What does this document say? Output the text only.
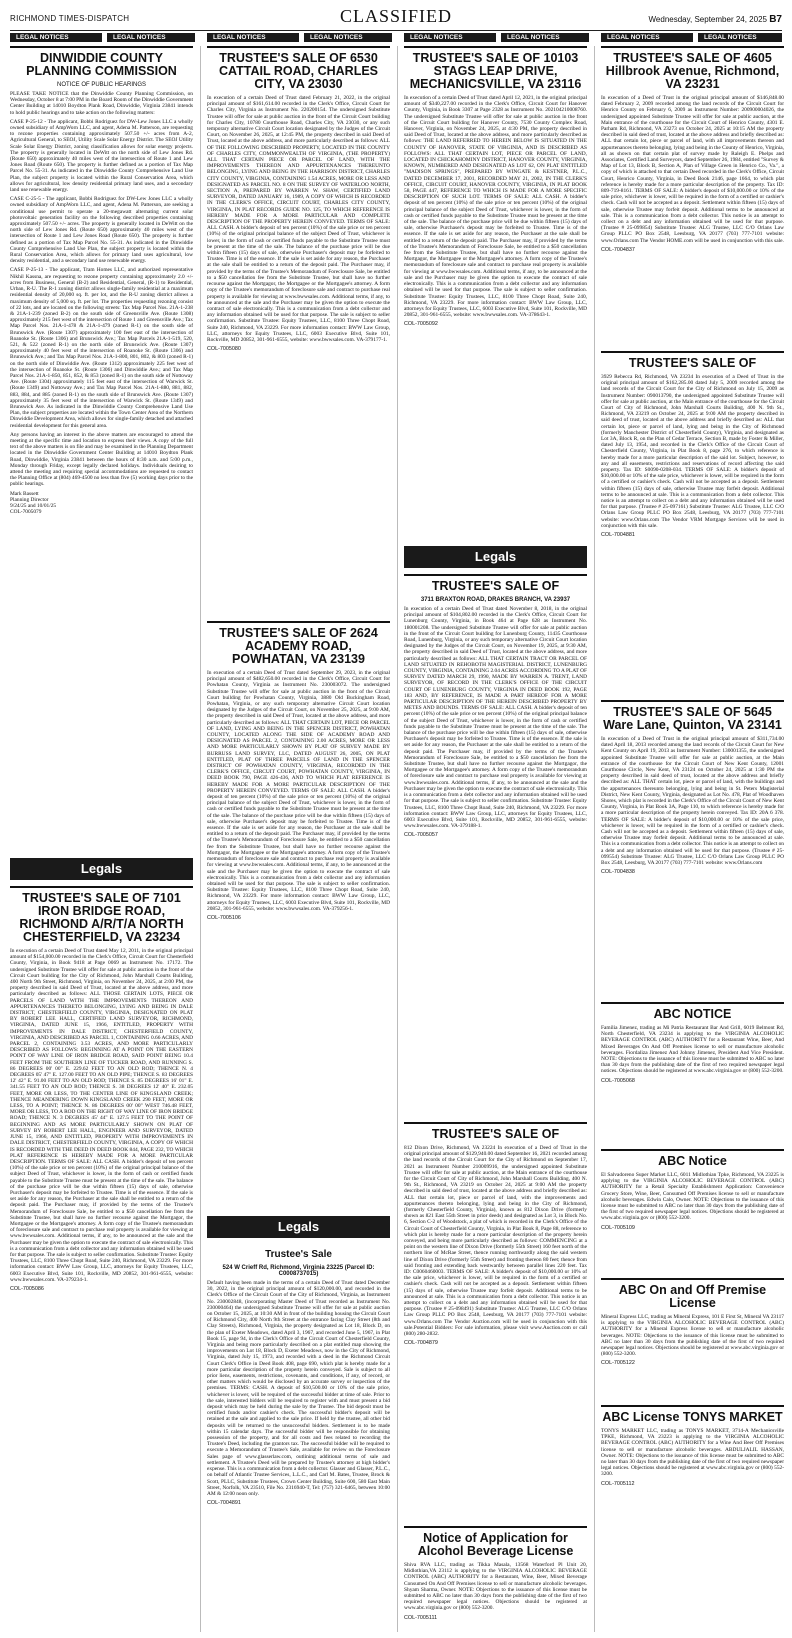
RICHMOND TIMES-DISPATCH	CLASSIFIED	Wednesday, September 24, 2025 B7
LEGAL NOTICES	LEGAL NOTICES	LEGAL NOTICES	LEGAL NOTICES	LEGAL NOTICES	LEGAL NOTICES	LEGAL NOTICES	LEGAL NOTICES
DINWIDDIE COUNTY PLANNING COMMISSION
NOTICE OF PUBLIC HEARINGS

PLEASE TAKE NOTICE that the Dinwiddie County Planning Commission, on Wednesday, October 8 at 7:00 PM in the Board Room of the Dinwiddie Government Center Building at 14010 Boydton Plank Road, Dinwiddie, Virginia 23841 intends to hold public hearings and to take action on the following matters:

CASE P-25-12 - The applicant, Bobbi Rodriguez for DW-Lew Jones LLC a wholly owned subsidiary of AmpWorn LLC, and agent, Adena M. Patterson, are requesting to rezone properties containing approximately 507.50 +/- acres from A-2, Agricultural General, to SEOJ, Utility Scale Solar Energy District. The SEOJ Utility Scale Solar Energy District, zoning classification allows for solar energy projects. The property is generally located in DeWitt on the north side of Lew Jones Rd. (Route 650) approximately 40 miles west of the intersection of Route 1 and Lew Jones Road (Route 650). The property is further defined as a portion of Tax Map Parcel No. 55-31. As indicated in the Dinwiddie County Comprehensive Land Use Plan, the subject property is located within the Rural Conservation Area, which allows for agricultural, low density residential primary land uses, and a secondary land use renewable energy.

CASE C-25-5 - The applicant, Bobbi Rodriguez for DW-Lew Jones LLC a wholly owned subsidiary of AmpWorn LLC, and agent, Adena M. Patterson, are seeking a conditional use permit to operate a 20-megawatt alternating current solar photovoltaic generation facility on the following described properties containing approximately 507.50 +/- acres. The property is generally located in DeWitt on the north side of Lew Jones Rd. (Route 650) approximately 40 miles west of the intersection of Route 1 and Lew Jones Road (Route 650). The property is further defined as a portion of Tax Map Parcel No. 55-31. As indicated in the Dinwiddie County Comprehensive Land Use Plan, the subject property is located within the Rural Conservation Area, which allows for primary land uses agricultural, low density residential, and a secondary land use renewable energy.

CASE P-25-13 - The applicant, Tram Homes LLC, and authorized representative Nikhil Kassna, are requesting to rezone property containing approximately 2.0 +/- acres from Business, General (B-2) and Residential, General, (R-1) to Residential, Urban, R-U. The R-1 zoning district allows single-family residential at a maximum residential density of 20,000 sq. ft. per lot, and the R-U zoning district allows a maximum density of 5,000 sq. ft. per lot. The properties requesting rezoning consist of 22 lots, and are located on the following streets: Tax Map Parcel Nos. 21A-1-238 & 21A-1-239 (zoned B-2) on the south side of Greensville Ave. (Route 1308) approximately 215 feet west of the intersection of Route 1 and Greensville Ave.; Tax Map Parcel Nos. 21A-1-478 & 21A-1-479 (zoned R-1) on the south side of Brunswick Ave. (Route 1307) approximately 100 feet east of the intersection of Roanoke St. (Route 1306) and Brunswick Ave.; Tax Map Parcels 21A-1-519, 520, 521, & 522 (zoned R-1) on the north side of Brunswick Ave. (Route 1307) approximately 40 feet west of the intersection of Roanoke St. (Route 1306) and Brunswick Ave.; and Tax Map Parcel Nos. 21A-1-800, 801, 802, & 803 (zoned R-1) on the north side of Dinwiddie Ave. (Route 1312) approximately 225 feet west of the intersection of Roanoke St. (Route 1306) and Dinwiddie Ave.; and Tax Map Parcel Nos. 21A-1-850, 851, 852, & 853 (zoned R-1) on the south side of Nottoway Ave. (Route 1304) approximately 115 feet east of the intersection of Warwick St. (Route 1349) and Nottoway Ave.; and Tax Map Parcel Nos. 21A-1-880, 881, 882, 883, 884, and 885 (zoned R-1) on the south side of Brunswick Ave. (Route 1307) approximately 35 feet west of the intersection of Warwick St. (Route 1349) and Brunswick Ave. As indicated in the Dinwiddie County Comprehensive Land Use Plan, the subject properties are located within the Town Center Area of the Northern Dinwiddie Development Area, which allows for single-family detached and attached residential development for this general area.

Any persons having an interest in the above matters are encouraged to attend the meeting at the specific time and location to express their views. A copy of the full text of the above matters is on file and may be examined in the Planning Department located in the Dinwiddie Government Center Building at 14010 Boydton Plank Road, Dinwiddie, Virginia 23841 between the hours of 8:30 a.m. and 5:00 p.m., Monday through Friday, except legally declared holidays. Individuals desiring to attend the meeting and requiring special accommodations are requested to contact the Planning Office at (804) 469-4500 no less than five (5) working days prior to the public hearings.

Mark Bassett
Planning Director
9/24/25 and 10/01/25
COL-7005079

Legals
TRUSTEE'S SALE OF 7101 IRON BRIDGE ROAD, RICHMOND A/R/T/A NORTH CHESTERFIELD, VA 23234

In execution of a certain Deed of Trust dated May 12, 2011, in the original principal amount of $154,000.00 recorded in the Clerk's Office, Circuit Court for Chesterfield County, Virginia, in Book 9418 at Page 0069 as Instrument No. 17172. The undersigned Substitute Trustee will offer for sale at public auction in the front of the Circuit Court building for the City of Richmond, John Marshall Courts Building, 400 North 9th Street, Richmond, Virginia, on November 24, 2025, at 2:00 PM, the property described in said Deed of Trust, located at the above address, and more particularly described as follows: ALL THOSE CERTAIN LOTS, PIECE OR PARCELS OF LAND WITH THE IMPROVEMENTS THEREON AND APPURTENANCES THERETO BELONGING, LYING AND BEING IN DALE DISTRICT, CHESTERFIELD COUNTY, VIRGINIA, DESIGNATED ON PLAT BY ROBERT LEE HALL, CERTIFIED LAND SURVEYOR, RICHMOND, VIRGINIA, DATED JUNE 15, 1966, ENTITLED, PROPERTY WITH IMPROVEMENTS IN DALE DISTRICT, CHESTERFIELD COUNTY, VIRGINIA, AND DESCRIBED AS PARCEL 1, CONTAINING 0.66 ACRES, AND PARCEL 2, CONTAINING 3.53 ACRES, AND MORE PARTICULARLY DESCRIBED AS FOLLOWS: BEGINNING AT A POINT ON THE EASTERN POINT OF WAY LINE OF IRON BRIDGE ROAD, SAID POINT BEING 10.4 FEET FROM THE SOUTHERN LINE OF TUCKER ROAD, AND RUNNING S. 86 DEGREES 00' 00" E. 229.62 FEET TO AN OLD ROD; THENCE N. 4 DEGREES 05' 47" E. 127.00 FEET TO AN OLD PIPE; THENCE S. 83 DEGREES 12' 42" E. 91.00 FEET TO AN OLD ROD; THENCE S. 85 DEGREES 16' 01" E. 341.55 FEET TO AN OLD ROD; THENCE S. 38 DEGREES 12' 40" E. 232.05 FEET, MORE OR LESS, TO THE CENTER LINE OF KINGSLAND CREEK; THENCE MEANDERING DOWN KINGSLAND CREEK 290 FEET, MORE OR LESS, TO A POINT; THENCE N. 86 DEGREES 00' 00" WEST 746.48 FEET, MORE OR LESS, TO A ROD ON THE RIGHT OF WAY LINE OF IRON BRIDGE ROAD; THENCE N. 3 DEGREES 45' 44" E. 127.5 FEET TO THE POINT OF BEGINNING AND AS MORE PARTICULARLY SHOWN ON PLAT OF SURVEY BY ROBERT LEE HALL, ENGINEER AND SURVEYOR, DATED JUNE 15, 1966, AND ENTITLED, PROPERTY WITH IMPROVEMENTS IN DALE DISTRICT, CHESTERFIELD COUNTY, VIRGINIA, A COPY OF WHICH IS RECORDED WITH THE DEED IN DEED BOOK 844, PAGE 232, TO WHICH PLAT REFERENCE IS HEREBY MADE FOR A MORE PARTICULAR DESCRIPTION. TERMS OF SALE: ALL CASH. A bidder's deposit of ten percent (10%) of the sale price or ten percent (10%) of the original principal balance of the subject Deed of Trust, whichever is lower, in the form of cash or certified funds payable to the Substitute Trustee must be present at the time of the sale. The balance of the purchase price will be due within fifteen (15) days of sale, otherwise Purchaser's deposit may be forfeited to Trustee. Time is of the essence. If the sale is set aside for any reason, the Purchaser at the sale shall be entitled to a return of the deposit paid. The Purchaser may, if provided by the terms of the Trustee's Memorandum of Foreclosure Sale, be entitled to a $50 cancellation fee from the Substitute Trustee, but shall have no further recourse against the Mortgagor, the Mortgagee or the Mortgagee's attorney. A form copy of the Trustee's memorandum of foreclosure sale and contract to purchase real property is available for viewing at www.bwwsales.com. Additional terms, if any, to be announced at the sale and the Purchaser may be given the option to execute the contract of sale electronically. This is a communication from a debt collector and any information obtained will be used for that purpose. The sale is subject to seller confirmation. Substitute Trustee: Equity Trustees, LLC, 8100 Three Chopt Road, Suite 240, Richmond, VA 23229. For more information contact: BWW Law Group, LLC, attorneys for Equity Trustees, LLC, 6003 Executive Blvd, Suite 101, Rockville, MD 20852, 301-961-6555, website: www.bwwsales.com. VA-379234-1.

COL-7005086

TRUSTEE'S SALE OF 6530 CATTAIL ROAD, CHARLES CITY, VA 23030

In execution of a certain Deed of Trust dated February 21, 2022, in the original principal amount of $161,614.00 recorded in the Clerk's Office, Circuit Court for Charles City, Virginia as Instrument No. 220200154. The undersigned Substitute Trustee will offer for sale at public auction in the front of the Circuit Court building for Charles City, 10780 Courthouse Road, Charles City, VA 23030, or any such temporary alternative Circuit Court location designated by the Judges of the Circuit Court, on November 26, 2025, at 12:45 PM, the property described in said Deed of Trust, located at the above address, and more particularly described as follows: ALL OF THE FOLLOWING DESCRIBED PROPERTY, LOCATED IN THE COUNTY OF CHARLES CITY, COMMONWEALTH OF VIRGINIA, (THE PROPERTY) ALL THAT CERTAIN PIECE OR PARCEL OF LAND, WITH THE IMPROVEMENTS THEREON AND APPURTENANCES THEREUNTO BELONGING, LYING AND BEING IN THE HARRISON DISTRICT, CHARLES CITY COUNTY, VIRGINIA, CONTAINING 1.54 ACRES, MORE OR LESS AND DESIGNATED AS PARCEL NO. 8 ON THE SURVEY OF WATERLOO NORTH, SECTION A, PREPARED BY WARREN W. SHAW, CERTIFIED LAND SURVEYOR, DATED JANUARY 16, 1989, A COPY OF WHICH IS RECORDED IN THE CLERK'S OFFICE, CIRCUIT COURT, CHARLES CITY COUNTY, VIRGINIA, IN PLAT RECORDS GUIDE NO. 125, TO WHICH REFERENCE IS HEREBY MADE FOR A MORE PARTICULAR AND COMPLETE DESCRIPTION OF THE PROPERTY HEREIN CONVEYED. TERMS OF SALE: ALL CASH. A bidder's deposit of ten percent (10%) of the sale price or ten percent (10%) of the original principal balance of the subject Deed of Trust, whichever is lower, in the form of cash or certified funds payable to the Substitute Trustee must be present at the time of the sale. The balance of the purchase price will be due within fifteen (15) days of sale, otherwise Purchaser's deposit may be forfeited to Trustee. Time is of the essence. If the sale is set aside for any reason, the Purchaser at the sale shall be entitled to a return of the deposit paid. The Purchaser may, if provided by the terms of the Trustee's Memorandum of Foreclosure Sale, be entitled to a $50 cancellation fee from the Substitute Trustee, but shall have no further recourse against the Mortgagor, the Mortgagee or the Mortgagee's attorney. A form copy of the Trustee's memorandum of foreclosure sale and contract to purchase real property is available for viewing at www.bwwsales.com. Additional terms, if any, to be announced at the sale and the Purchaser may be given the option to execute the contract of sale electronically. This is a communication from a debt collector and any information obtained will be used for that purpose. The sale is subject to seller confirmation. Substitute Trustee: Equity Trustees, LLC, 8100 Three Chopt Road, Suite 240, Richmond, VA 23229. For more information contact: BWW Law Group, LLC, attorneys for Equity Trustees, LLC, 6003 Executive Blvd, Suite 101, Rockville, MD 20852, 301-961-6555, website: www.bwwsales.com. VA-379177-1.

COL-7005080

TRUSTEE'S SALE OF 2624 ACADEMY ROAD, POWHATAN, VA 23139

In execution of a certain Deed of Trust dated September 29, 2023, in the original principal amount of $482,650.00 recorded in the Clerk's Office, Circuit Court for Powhatan County, Virginia as Instrument No. 230003072. The undersigned Substitute Trustee will offer for sale at public auction in the front of the Circuit Court building for Powhatan County, Virginia, 3880 Old Buckingham Road, Powhatan, Virginia, or any such temporary alternative Circuit Court location designated by the Judges of the Circuit Court, on November 25, 2025, at 9:00 AM, the property described in said Deed of Trust, located at the above address, and more particularly described as follows: ALL THAT CERTAIN LOT, PIECE OR PARCEL OF LAND, LYING AND BEING IN THE SPENCER DISTRICT, POWHATAN COUNTY, LOCATED ALONG THE SIDE OF ACADEMY ROAD AND DESIGNATED AS PARCEL 2, CONTAINING 2.00 ACRES, MORE OR LESS AND MORE PARTICULARLY SHOWN BY PLAT OF SURVEY MADE BY BURRUSS LAND SURVEY, LLC, DATED AUGUST 26, 2005, ON PLAT ENTITLED, PLAT OF THREE PARCELS OF LAND IN THE SPENCER DISTRICT OF POWHATAN COUNTY, VIRGINIA, RECORDED IN THE CLERK'S OFFICE, CIRCUIT COURT, POWHATAN COUNTY, VIRGINIA, IN DEED BOOK 790, PAGE 426-436, AND TO WHICH PLAT REFERENCE IS HEREBY MADE FOR A MORE PARTICULAR DESCRIPTION OF THE PROPERTY HEREIN CONVEYED. TERMS OF SALE: ALL CASH. A bidder's deposit of ten percent (10%) of the sale price or ten percent (10%) of the original principal balance of the subject Deed of Trust, whichever is lower, in the form of cash or certified funds payable to the Substitute Trustee must be present at the time of the sale. The balance of the purchase price will be due within fifteen (15) days of sale, otherwise Purchaser's deposit may be forfeited to Trustee. Time is of the essence. If the sale is set aside for any reason, the Purchaser at the sale shall be entitled to a return of the deposit paid. The Purchaser may, if provided by the terms of the Trustee's Memorandum of Foreclosure Sale, be entitled to a $50 cancellation fee from the Substitute Trustee, but shall have no further recourse against the Mortgagor, the Mortgagee or the Mortgagee's attorney. A form copy of the Trustee's memorandum of foreclosure sale and contract to purchase real property is available for viewing at www.bwwsales.com. Additional terms, if any, to be announced at the sale and the Purchaser may be given the option to execute the contract of sale electronically. This is a communication from a debt collector and any information obtained will be used for that purpose. The sale is subject to seller confirmation. Substitute Trustee: Equity Trustees, LLC, 8100 Three Chopt Road, Suite 240, Richmond, VA 23229. For more information contact: BWW Law Group, LLC, attorneys for Equity Trustees, LLC, 6003 Executive Blvd, Suite 101, Rockville, MD 20852, 301-961-6555, website: www.bwwsales.com. VA-379256-1.

COL-7005106

Legals
Trustee's Sale
524 W Crieff Rd, Richmond, Virginia 23225 (Parcel ID: C0008737015)

Default having been made in the terms of a certain Deed of Trust dated December 30, 2022, in the original principal amount of $120,000.00, and recorded in the Clerk's Office of the Circuit Court of the City of Richmond, Virginia, as Instrument No. 230002848, (incorporating Master Deed of Trust recorded as Instrument No. 230000464) the undersigned Substitute Trustee will offer for sale at public auction on October 15, 2025, at 10:30 AM in front of the building housing the Circuit Court of Richmond City, 400 North 9th Street at the entrance facing Clay Street (8th and Clay Streets), Richmond, Virginia, the property designated as Lot 18, Block D, on the plan of Exeter Meadows, dated April 3, 1967, and recorded June 5, 1967, in Plat Book 15, page 94, in the Clerk's Office of the Circuit Court of Chesterfield County, Virginia and being more particularly described on a plat entitled map showing the improvements on Lot 18, Block D, Exeter Meadows, now in the City of Richmond, Virginia, dated July 15, 1973, and recorded with a deed in the Richmond Circuit Court Clerk's Office in Deed Book 408, page 690, which plat is hereby made for a more particular description of the property herein conveyed. Sale is subject to all prior liens, easements, restrictions, covenants, and conditions, if any, of record, or other matters which would be disclosed by an accurate survey or inspection of the premises. TERMS: CASH. A deposit of $10,500.00 or 10% of the sale price, whichever is lower, will be required of the successful bidder at time of sale. Prior to the sale, interested bidders will be required to register with and must present a bid deposit which may be held during the sale by the Trustee. The bid deposit must be certified funds and/or cashier's check. The successful bidder's deposit will be retained at the sale and applied to the sale price. If held by the trustee, all other bid deposits will be returned to the unsuccessful bidders. Settlement is to be made within 15 calendar days. The successful bidder will be responsible for obtaining possession of the property, and for all costs and fees related to recording the Trustee's Deed, including the grantors tax. The successful bidder will be required to execute a Memorandum of Trustee's Sale, available for review on the Foreclosure Sales page of www.glasserlaw.com, outlining additional terms of sale and settlement. A Trustee's Deed will be prepared by Trustee's attorney at high bidder's expense. This is a communication from a debt collector. Glasser and Glasser, P.L.C., on behalf of Atlantic Trustee Services, L.L.C., and Carl M. Bates, Trustee, Brock & Scott, PLLC, Substitute Trustees, Crown Center Building, Suite 600, 580 East Main Street, Norfolk, VA 23510, File No. 2316940-T, Tel: (757) 321-6465, between 10:00 AM & 12:00 noon only.

COL-7004891

TRUSTEE'S SALE OF 10103 STAGS LEAP DRIVE, MECHANICSVILLE, VA 23116

In execution of a certain Deed of Trust dated April 12, 2021, in the original principal amount of $340,227.00 recorded in the Clerk's Office, Circuit Court for Hanover County, Virginia, in Book 3307 at Page 2328 as Instrument No. 202104210008760. The undersigned Substitute Trustee will offer for sale at public auction in the front of the Circuit Court building for Hanover County, 7530 County Complex Road, Hanover, Virginia, on November 24, 2025, at 4:30 PM, the property described in said Deed of Trust, located at the above address, and more particularly described as follows: THE LAND REFERRED TO HEREIN BELOW IS SITUATED IN THE COUNTY OF HANOVER, STATE OF VIRGINIA, AND IS DESCRIBED AS FOLLOWS: ALL THAT CERTAIN LOT, PIECE OR PARCEL OF LAND, LOCATED IN CHICKAHOMINY DISTRICT, HANOVER COUNTY, VIRGINIA, KNOWN, NUMBERED AND DESIGNATED AS LOT 62, ON PLAT ENTITLED "MADISON SPRINGS", PREPARED BY WINGATE & KESTNER, P.L.C., DATED DECEMBER 17, 2001, RECORDED MAY 21, 2002, IN THE CLERK'S OFFICE, CIRCUIT COURT, HANOVER COUNTY, VIRGINIA, IN PLAT BOOK 58, PAGE 447, REFERENCE TO WHICH IS MADE FOR A MORE SPECIFIC DESCRIPTION OF SUCH LOT. TERMS OF SALE: ALL CASH. A bidder's deposit of ten percent (10%) of the sale price or ten percent (10%) of the original principal balance of the subject Deed of Trust, whichever is lower, in the form of cash or certified funds payable to the Substitute Trustee must be present at the time of the sale. The balance of the purchase price will be due within fifteen (15) days of sale, otherwise Purchaser's deposit may be forfeited to Trustee. Time is of the essence. If the sale is set aside for any reason, the Purchaser at the sale shall be entitled to a return of the deposit paid. The Purchaser may, if provided by the terms of the Trustee's Memorandum of Foreclosure Sale, be entitled to a $50 cancellation fee from the Substitute Trustee, but shall have no further recourse against the Mortgagor, the Mortgagee or the Mortgagee's attorney. A form copy of the Trustee's memorandum of foreclosure sale and contract to purchase real property is available for viewing at www.bwwsales.com. Additional terms, if any, to be announced at the sale and the Purchaser may be given the option to execute the contract of sale electronically. This is a communication from a debt collector and any information obtained will be used for that purpose. The sale is subject to seller confirmation. Substitute Trustee: Equity Trustees, LLC, 8100 Three Chopt Road, Suite 240, Richmond, VA 23229. For more information contact: BWW Law Group, LLC, attorneys for Equity Trustees, LLC, 6003 Executive Blvd, Suite 101, Rockville, MD 20852, 301-961-6555, website: www.bwwsales.com. VA-378643-1.

COL-7005092

Legals
TRUSTEE'S SALE OF
3711 BRAXTON ROAD, DRAKES BRANCH, VA 23937

In execution of a certain Deed of Trust dated November 8, 2018, in the original principal amount of $104,802.00 recorded in the Clerk's Office, Circuit Court for Lunenburg County, Virginia, in Book 464 at Page 628 as Instrument No. 180001208. The undersigned Substitute Trustee will offer for sale at public auction in the front of the Circuit Court building for Lunenburg County, 11435 Courthouse Road, Lunenburg, Virginia, or any such temporary alternative Circuit Court location designated by the Judges of the Circuit Court, on November 19, 2025, at 9:30 AM, the property described in said Deed of Trust, located at the above address, and more particularly described as follows: ALL THAT CERTAIN TRACT OR PARCEL OF LAND SITUATED IN REHOBOTH MAGISTERIAL DISTRICT, LUNENBURG COUNTY, VIRGINIA, CONTAINING 2.04 ACRES ACCORDING TO A PLAT OF SURVEY DATED MARCH 29, 1990, MADE BY WARREN A. TRENT, LAND SURVEYOR, OF RECORD IN THE CLERK'S OFFICE OF THE CIRCUIT COURT OF LUNENBURG COUNTY, VIRGINIA IN DEED BOOK 192, PAGE 183 AND, BY REFERENCE, IS MADE A PART HEREOF FOR A MORE PARTICULAR DESCRIPTION OF THE HEREIN DESCRIBED PROPERTY BY METES AND BOUNDS. TERMS OF SALE: ALL CASH. A bidder's deposit of ten percent (10%) of the sale price or ten percent (10%) of the original principal balance of the subject Deed of Trust, whichever is lower, in the form of cash or certified funds payable to the Substitute Trustee must be present at the time of the sale. The balance of the purchase price will be due within fifteen (15) days of sale, otherwise Purchaser's deposit may be forfeited to Trustee. Time is of the essence. If the sale is set aside for any reason, the Purchaser at the sale shall be entitled to a return of the deposit paid. The Purchaser may, if provided by the terms of the Trustee's Memorandum of Foreclosure Sale, be entitled to a $50 cancellation fee from the Substitute Trustee, but shall have no further recourse against the Mortgagor, the Mortgagee or the Mortgagee's attorney. A form copy of the Trustee's memorandum of foreclosure sale and contract to purchase real property is available for viewing at www.bwwsales.com. Additional terms, if any, to be announced at the sale and the Purchaser may be given the option to execute the contract of sale electronically. This is a communication from a debt collector and any information obtained will be used for that purpose. The sale is subject to seller confirmation. Substitute Trustee: Equity Trustees, LLC, 8100 Three Chopt Road, Suite 240, Richmond, VA 23229. For more information contact: BWW Law Group, LLC, attorneys for Equity Trustees, LLC, 6003 Executive Blvd, Suite 101, Rockville, MD 20852, 301-961-6555, website: www.bwwsales.com. VA-379188-1.

COL-7005057

TRUSTEE'S SALE OF

812 Dixon Drive, Richmond, VA 23224 In execution of a Deed of Trust in the original principal amount of $129,940.00 dated September 16, 2021 recorded among the land records of the Circuit Court for the City of Richmond on September 17, 2021 as Instrument Number 210009916, the undersigned appointed Substitute Trustee will offer for sale at public auction, at the Main entrance of the courthouse for the Circuit Court of City of Richmond, John Marshall Courts Building, 400 N. 9th St., Richmond, VA 23219 on October 24, 2025 at 9:00 AM the property described in said deed of trust, located at the above address and briefly described as: ALL that certain lot, piece or parcel of land, with the improvements and appurtenances thereto belonging, lying and being in the City of Richmond, (formerly Chesterfield County, Virginia), known as 812 Dixon Drive (formerly shown as 821 East 55th Street in prior deeds) and designated as Lot 3, in Block No. 6, Section C-2 of Woodstock, a plat of which is recorded in the Clerk's Office of the Circuit Court of Chesterfield County, Virginia, in Plat Book 8, Page 88, reference to which plat is hereby made for a more particular description of the property herein conveyed, and being more particularly described as follows: COMMENCING at a point on the western line of Dixon Drive (formerly 55th Street) 160 feet north of the northern line of McRae Street, thence running northwardly along the said western line of Dixon Drive (formerly 55th Street) and fronting thereon 80 feet; thence from said fronting and extending back westwardly between parallel lines 220 feet. Tax ID: C0060460003. TERMS OF SALE: A bidder's deposit of $10,000.00 or 10% of the sale price, whichever is lower, will be required in the form of a certified or cashier's check. Cash will not be accepted as a deposit. Settlement within fifteen (15) days of sale, otherwise Trustee may forfeit deposit. Additional terms to be announced at sale. This is a communication from a debt collector. This notice is an attempt to collect on a debt and any information obtained will be used for that purpose. (Trustee # 25-098491) Substitute Trustee: ALG Trustee, LLC C/O Orlans Law Group PLLC PO Box 2548, Leesburg, VA 20177 (703) 777-7101 website: www.Orlans.com The Vendor Auction.com will be used in conjunction with this sale.Potential Bidders: For sale information, please visit www.Auction.com or call (800) 280-2832.

COL-7004879

Notice of Application for Alcohol Beverage License

Shiva RVA LLC, trading as Tikka Masala, 13568 Waterford Pl Unit 20, Midlothian,VA 23112 is applying to the VIRGINIA ALCOHOLIC BEVERAGE CONTROL (ABC) AUTHORITY for a Restaurant, Wine, Beer, Mixed Beverage Consumed On And Off Premises license to sell or manufacture alcoholic beverages. Shyam Sharma, Owner. NOTE: Objections to the issuance of this license must be submitted to ABC no later than 30 days from the publishing date of the first of two required newspaper legal notices. Objections should be registered at www.abc.virginia.gov or (800) 552-3200.

COL-7005111

TRUSTEE'S SALE OF 4605 Hillbrook Avenue, Richmond, VA 23231

In execution of a Deed of Trust in the original principal amount of $146,848.00 dated February 2, 2009 recorded among the land records of the Circuit Court for Henrico County on February 6, 2009 as Instrument Number: 200900004026, the undersigned appointed Substitute Trustee will offer for sale at public auction, at the Main entrance of the courthouse for the Circuit Court of Henrico County, 4301 E. Parham Rd, Richmond, VA 23273 on October 24, 2025 at 10:15 AM the property described in said deed of trust, located at the above address and briefly described as: ALL that certain lot, piece or parcel of land, with all improvements thereon and appurtenances thereto belonging, lying and being in the County of Henrico, Virginia, all as shown on that certain plat of survey made by Raleigh E. Phelps and Associates, Certified Land Surveyors, dated September 26, 1984, entitled "Survey & Map of Lot 13, Block B, Section A, Plan of Village Green in Henrico Co., Va.", a copy of which is attached to that certain Deed recorded in the Clerk's Office, Circuit Court, Henrico County, Virginia, in Deed Book 2146, page 1664, to which plat reference is hereby made for a more particular description of the property. Tax ID: 809-719-8161. TERMS OF SALE: A bidder's deposit of $10,000.00 or 10% of the sale price, whichever is lower, will be required in the form of a certified or cashier's check. Cash will not be accepted as a deposit. Settlement within fifteen (15) days of sale, otherwise Trustee may forfeit deposit. Additional terms to be announced at sale. This is a communication from a debt collector. This notice is an attempt to collect on a debt and any information obtained will be used for that purpose. (Trustee # 25-099854) Substitute Trustee: ALG Trustee, LLC C/O Orlans Law Group PLLC PO Box 2548, Leesburg, VA 20177 (703) 777-7101 website: www.Orlans.com The Vendor HOME.com will be used in conjunction with this sale.

COL-7004837

TRUSTEE'S SALE OF

3929 Rebecca Rd, Richmond, VA 23234 In execution of a Deed of Trust in the original principal amount of $162,285.00 dated July 5, 2009 recorded among the land records of the Circuit Court for the City of Richmond on July 15, 2009 as Instrument Number: 090013790, the undersigned appointed Substitute Trustee will offer for sale at public auction, at the Main entrance of the courthouse for the Circuit Court of City of Richmond, John Marshall Courts Building, 400 N. 9th St., Richmond, VA 23219 on October 24, 2025 at 9:00 AM the property described in said deed of trust, located at the above address and briefly described as: ALL that certain lot, piece or parcel of land, lying and being in the City of Richmond (formerly Manchester District of Chesterfield County), Virginia, and designated as Lot 3A, Block R, on the Plan of Cedar Terrace, Section B, made by Foster & Miller, dated July 13, 1954, and recorded in the Clerk's Office of the Circuit Court of Chesterfield County, Virginia, in Plat Book 8, page 276, to which reference is hereby made for a more particular description of the said lot. Subject, however, to any and all easements, restrictions and reservations of record affecting the said property. Tax ID: S0090-0208-034. TERMS OF SALE: A bidder's deposit of $10,000.00 or 10% of the sale price, whichever is lower, will be required in the form of a certified or cashier's check. Cash will not be accepted as a deposit. Settlement within fifteen (15) days of sale, otherwise Trustee may forfeit deposit. Additional terms to be announced at sale. This is a communication from a debt collector. This notice is an attempt to collect on a debt and any information obtained will be used for that purpose. (Trustee # 25-097161) Substitute Trustee: ALG Trustee, LLC C/O Orlans Law Group PLLC PO Box 2548, Leesburg, VA 20177 (703) 777-7101 website: www.Orlans.com The Vendor VRM Mortgage Services will be used in conjunction with this sale.

COL-7004881

TRUSTEE'S SALE OF 5645 Ware Lane, Quinton, VA 23141

In execution of a Deed of Trust in the original principal amount of $311,734.00 dated April 18, 2013 recorded among the land records of the Circuit Court for New Kent County on April 19, 2013 as Instrument Number: 130001355, the undersigned appointed Substitute Trustee will offer for sale at public auction, at the Main entrance of the courthouse for the Circuit Court of New Kent County, 12001 Courthouse Circle, New Kent, VA 23124 on October 24, 2025 at 1:30 PM the property described in said deed of trust, located at the above address and briefly described as: ALL THAT certain lot, piece or parcel of land, with the buildings and the appurtenances thereunto belonging, lying and being in St. Peters Magisterial District, New Kent County, Virginia, designated as Lot No. 478, Plat of Woodhaven Shores, which plat is recorded in the Clerk's Office of the Circuit Court of New Kent County, Virginia, in Plat Book 3A, Page 110, to which reference is hereby made for a more particular description of the property herein conveyed. Tax ID: 20A 6 378. TERMS OF SALE: A bidder's deposit of $10,000.00 or 10% of the sale price, whichever is lower, will be required in the form of a certified or cashier's check. Cash will not be accepted as a deposit. Settlement within fifteen (15) days of sale, otherwise Trustee may forfeit deposit. Additional terms to be announced at sale. This is a communication from a debt collector. This notice is an attempt to collect on a debt and any information obtained will be used for that purpose. (Trustee # 25-099554) Substitute Trustee: ALG Trustee, LLC C/O Orlans Law Group PLLC PO Box 2548, Leesburg, VA 20177 (703) 777-7101 website: www.Orlans.com

COL-7004838

ABC NOTICE

Familia Jimenez, trading as Mi Patria Restaurant Bar And Grill, 6019 Belmont Rd, North Chesterfield, VA 23234 is applying to the VIRGINIA ALCOHOLIC BEVERAGE CONTROL (ABC) AUTHORITY for a Restaurant Wine, Beer, And Mixed Beverages On And Off Premises license to sell or manufacture alcoholic beverages. Fiordaliza Jimenez And Johnny Jimenez, President And Vice President. NOTE: Objections to the issuance of this license must be submitted to ABC no later than 30 days from the publishing date of the first of two required newspaper legal notices. Objections should be registered at www.abc.virginia.gov or (800) 552-3200.

COL-7005068

ABC Notice

El Salvadoreno Super Market LLC, 6011 Midlothian Tpke, Richmond, VA 23225 is applying to the VIRGINIA ALCOHOLIC BEVERAGE CONTROL (ABC) AUTHORITY for a Retail Specialty Establishment Application: Convenience Grocery Store, Wine, Beer, Consumed Off Premises license to sell or manufacture alcoholic beverages. Edwin Calo, Owner. NOTE: Objections to the issuance of this license must be submitted to ABC no later than 30 days from the publishing date of the first of two required newspaper legal notices. Objections should be registered at www.abc.virginia.gov or (800) 552-3200.

COL-7005109

ABC On and Off Premise License

Mineral Express LLC, trading as Mineral Express, 101 E First St, Mineral VA 23117 is applying to the VIRGINIA ALCOHOLIC BEVERAGE CONTROL (ABC) AUTHORITY for a Mineral Express license to sell or manufacture alcoholic beverages. NOTE: Objections to the issuance of this license must be submitted to ABC no later than 30 days from the publishing date of the first of two required newspaper legal notices. Objections should be registered at www.abc.virginia.gov or (800) 552-3200.

COL-7005122

ABC License TONYS MARKET

TONYS MARKET LLC, trading as TONYS MARKET, 3714-A Mechanicsville TPKE, Richmond, VA 23223 is applying to the VIRGINIA ALCOHOLIC BEVERAGE CONTROL (ABC) AUTHORITY for a Wine And Beer Off Premises license to sell or manufacture alcoholic beverages. ABDULJALIL HASSAN, Owner. NOTE: Objections to the issuance of this license must be submitted to ABC no later than 30 days from the publishing date of the first of two required newspaper legal notices. Objections should be registered at www.abc.virginia.gov or (800) 552-3200.

COL-7005112
